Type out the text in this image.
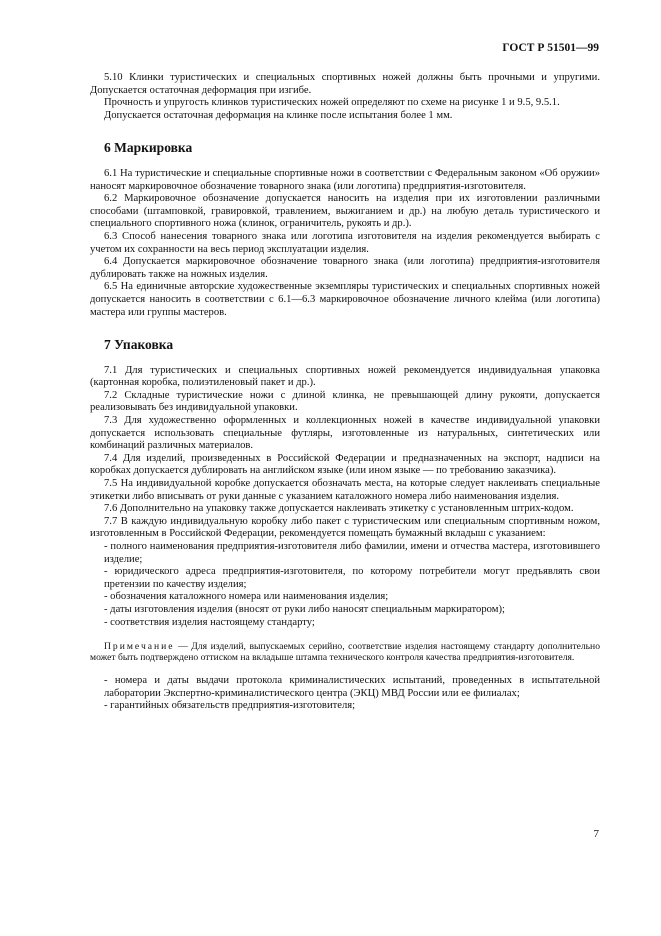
ГОСТ Р 51501—99

5.10 Клинки туристических и специальных спортивных ножей должны быть прочными и упругими. Допускается остаточная деформация при изгибе.

Прочность и упругость клинков туристических ножей определяют по схеме на рисунке 1 и 9.5, 9.5.1.

Допускается остаточная деформация на клинке после испытания более 1 мм.

6 Маркировка

6.1 На туристические и специальные спортивные ножи в соответствии с Федеральным законом «Об оружии» наносят маркировочное обозначение товарного знака (или логотипа) предприятия-изготовителя.

6.2 Маркировочное обозначение допускается наносить на изделия при их изготовлении различными способами (штамповкой, гравировкой, травлением, выжиганием и др.) на любую деталь туристического и специального спортивного ножа (клинок, ограничитель, рукоять и др.).

6.3 Способ нанесения товарного знака или логотипа изготовителя на изделия рекомендуется выбирать с учетом их сохранности на весь период эксплуатации изделия.

6.4 Допускается маркировочное обозначение товарного знака (или логотипа) предприятия-изготовителя дублировать также на ножных изделия.

6.5 На единичные авторские художественные экземпляры туристических и специальных спортивных ножей допускается наносить в соответствии с 6.1—6.3 маркировочное обозначение личного клейма (или логотипа) мастера или группы мастеров.

7 Упаковка

7.1 Для туристических и специальных спортивных ножей рекомендуется индивидуальная упаковка (картонная коробка, полиэтиленовый пакет и др.).

7.2 Складные туристические ножи с длиной клинка, не превышающей длину рукояти, допускается реализовывать без индивидуальной упаковки.

7.3 Для художественно оформленных и коллекционных ножей в качестве индивидуальной упаковки допускается использовать специальные футляры, изготовленные из натуральных, синтетических или комбинаций различных материалов.

7.4 Для изделий, произведенных в Российской Федерации и предназначенных на экспорт, надписи на коробках допускается дублировать на английском языке (или ином языке — по требованию заказчика).

7.5 На индивидуальной коробке допускается обозначать места, на которые следует наклеивать специальные этикетки либо вписывать от руки данные с указанием каталожного номера либо наименования изделия.

7.6 Дополнительно на упаковку также допускается наклеивать этикетку с установленным штрих-кодом.

7.7 В каждую индивидуальную коробку либо пакет с туристическим или специальным спортивным ножом, изготовленным в Российской Федерации, рекомендуется помещать бумажный вкладыш с указанием:

- полного наименования предприятия-изготовителя либо фамилии, имени и отчества мастера, изготовившего изделие;

- юридического адреса предприятия-изготовителя, по которому потребители могут предъявлять свои претензии по качеству изделия;

- обозначения каталожного номера или наименования изделия;

- даты изготовления изделия (вносят от руки либо наносят специальным маркиратором);

- соответствия изделия настоящему стандарту;

Примечание — Для изделий, выпускаемых серийно, соответствие изделия настоящему стандарту дополнительно может быть подтверждено оттиском на вкладыше штампа технического контроля качества предприятия-изготовителя.

- номера и даты выдачи протокола криминалистических испытаний, проведенных в испытательной лаборатории Экспертно-криминалистического центра (ЭКЦ) МВД России или ее филиалах;

- гарантийных обязательств предприятия-изготовителя;

7
